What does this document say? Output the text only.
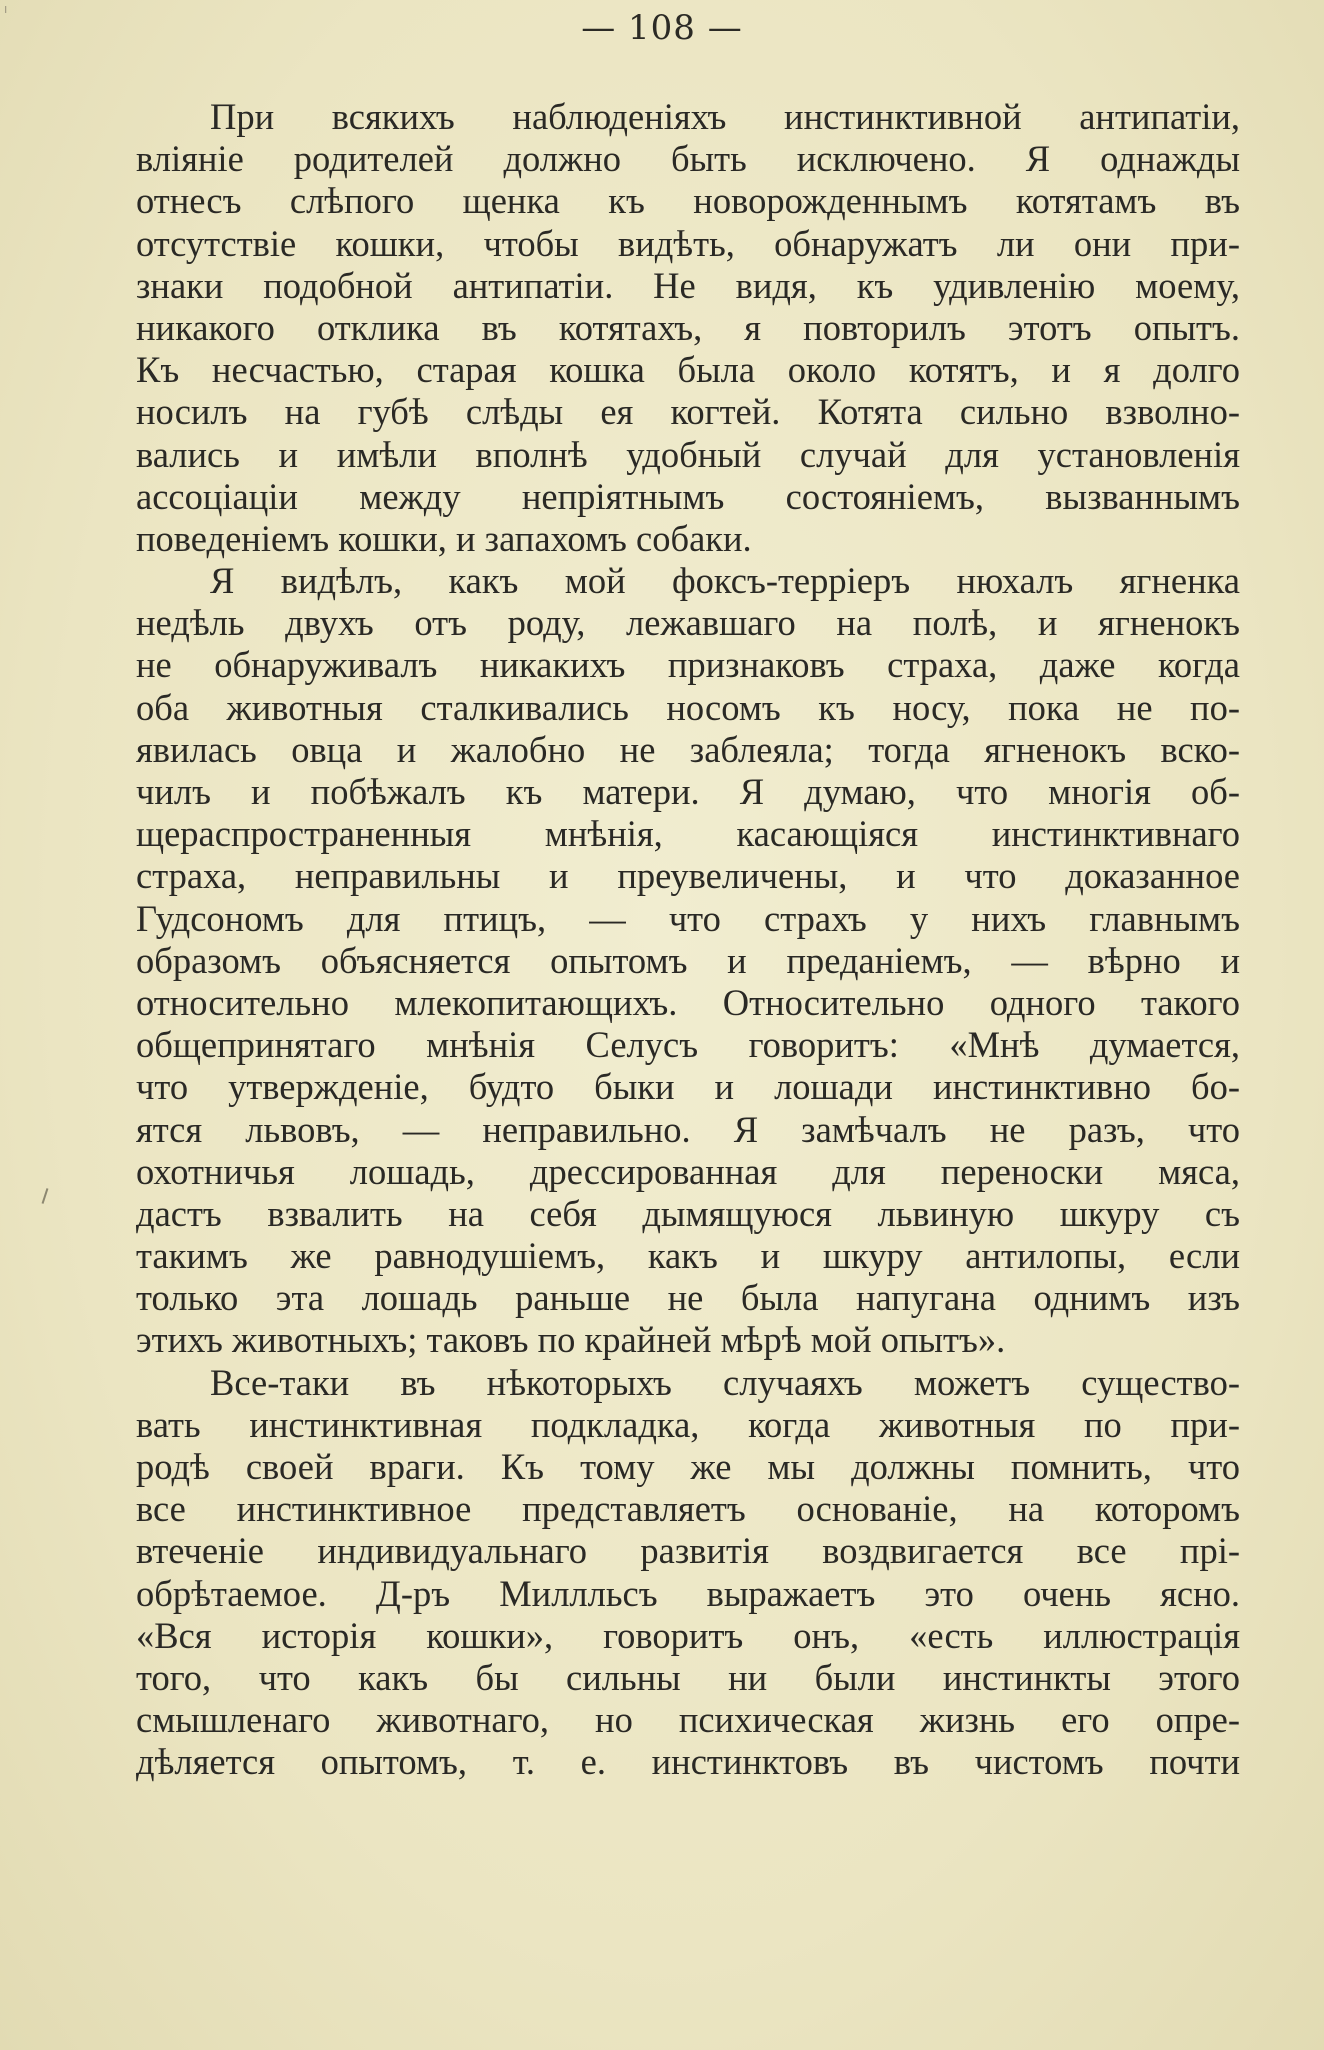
ı	— 108 —
При всякихъ наблюденіяхъ инстинктивной антипатіи,
вліяніе родителей должно быть исключено. Я однажды
отнесъ слѣпого щенка къ новорожденнымъ котятамъ въ
отсутствіе кошки, чтобы видѣть, обнаружатъ ли они при-
знаки подобной антипатіи. Не видя, къ удивленію моему,
никакого отклика въ котятахъ, я повторилъ этотъ опытъ.
Къ несчастью, старая кошка была около котятъ, и я долго
носилъ на губѣ слѣды ея когтей. Котята сильно взволно-
вались и имѣли вполнѣ удобный случай для установленія
ассоціаціи между непріятнымъ состояніемъ, вызваннымъ
поведеніемъ кошки, и запахомъ собаки.
Я видѣлъ, какъ мой фоксъ-терріеръ нюхалъ ягненка
недѣль двухъ отъ роду, лежавшаго на полѣ, и ягненокъ
не обнаруживалъ никакихъ признаковъ страха, даже когда
оба животныя сталкивались носомъ къ носу, пока не по-
явилась овца и жалобно не заблеяла; тогда ягненокъ вско-
чилъ и побѣжалъ къ матери. Я думаю, что многія об-
щераспространенныя мнѣнія, касающіяся инстинктивнаго
страха, неправильны и преувеличены, и что доказанное
Гудсономъ для птицъ, — что страхъ у нихъ главнымъ
образомъ объясняется опытомъ и преданіемъ, — вѣрно и
относительно млекопитающихъ. Относительно одного такого
общепринятаго мнѣнія Селусъ говоритъ: «Мнѣ думается,
что утвержденіе, будто быки и лошади инстинктивно бо-
ятся львовъ, — неправильно. Я замѣчалъ не разъ, что
охотничья лошадь, дрессированная для переноски мяса,
дастъ взвалить на себя дымящуюся львиную шкуру съ
такимъ же равнодушіемъ, какъ и шкуру антилопы, если
только эта лошадь раньше не была напугана однимъ изъ
этихъ животныхъ; таковъ по крайней мѣрѣ мой опытъ».
Все-таки въ нѣкоторыхъ случаяхъ можетъ существо-
вать инстинктивная подкладка, когда животныя по при-
родѣ своей враги. Къ тому же мы должны помнить, что
все инстинктивное представляетъ основаніе, на которомъ
втеченіе индивидуальнаго развитія воздвигается все прі-
обрѣтаемое. Д-ръ Миллльсъ выражаетъ это очень ясно.
«Вся исторія кошки», говоритъ онъ, «есть иллюстрація
того, что какъ бы сильны ни были инстинкты этого
смышленаго животнаго, но психическая жизнь его опре-
дѣляется опытомъ, т. е. инстинктовъ въ чистомъ почти
